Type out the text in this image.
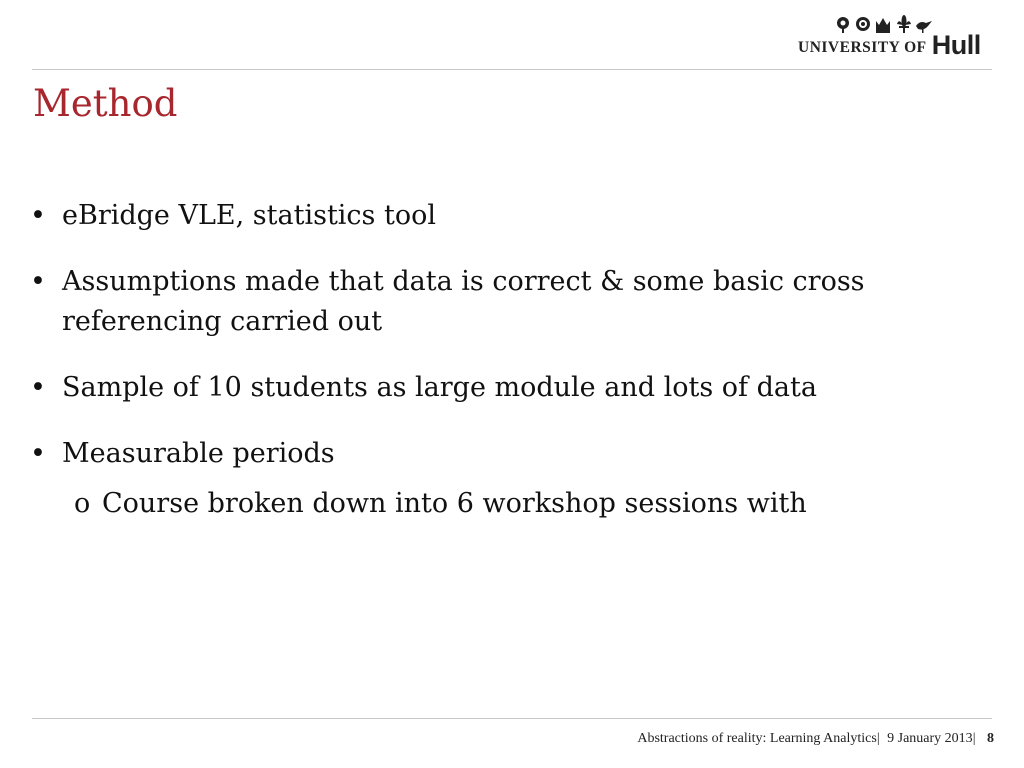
UNIVERSITY OF Hull
Method
• eBridge VLE, statistics tool
• Assumptions made that data is correct & some basic cross referencing carried out
• Sample of 10 students as large module and lots of data
• Measurable periods
o Course broken down into 6 workshop sessions with
Abstractions of reality: Learning Analytics| 9 January 2013| 8
